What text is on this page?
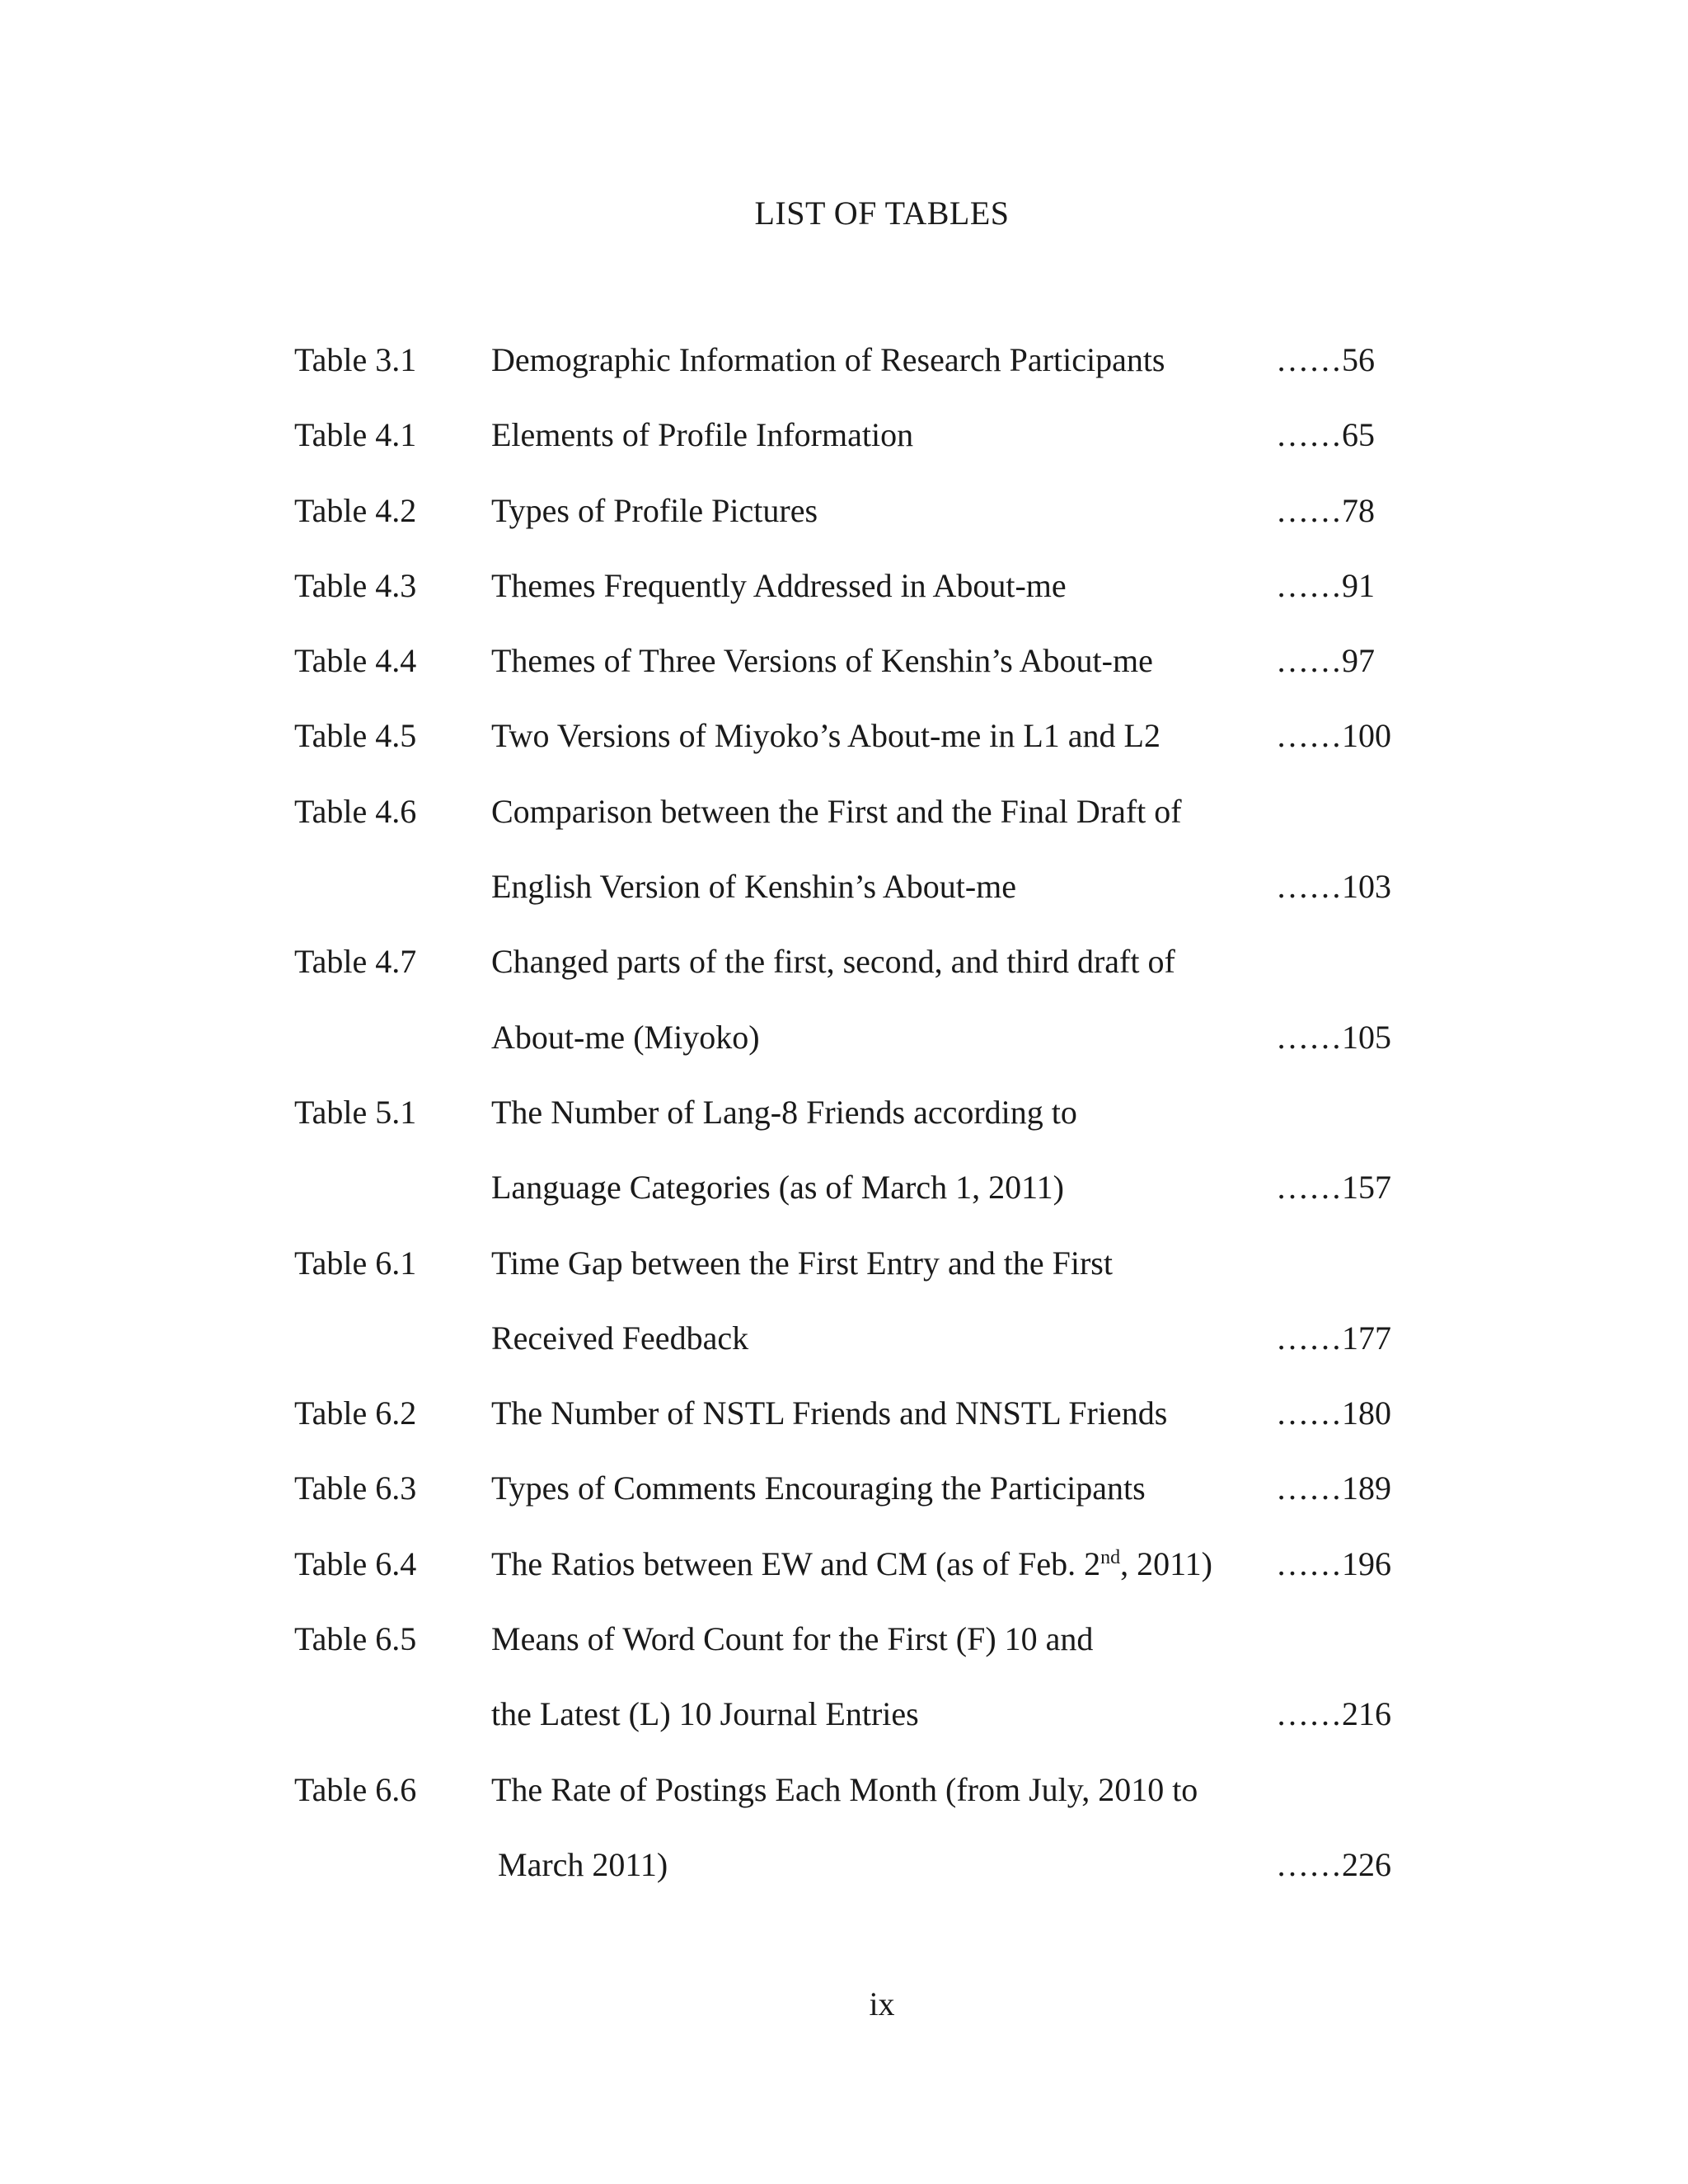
LIST OF TABLES
Table 3.1 Demographic Information of Research Participants	……56
Table 4.1 Elements of Profile Information	……65
Table 4.2 Types of Profile Pictures	……78
Table 4.3 Themes Frequently Addressed in About-me	……91
Table 4.4 Themes of Three Versions of Kenshin’s About-me	……97
Table 4.5 Two Versions of Miyoko’s About-me in L1 and L2	……100
Table 4.6 Comparison between the First and the Final Draft of
English Version of Kenshin’s About-me	……103
Table 4.7 Changed parts of the first, second, and third draft of
About-me (Miyoko)	……105
Table 5.1 The Number of Lang-8 Friends according to
Language Categories (as of March 1, 2011)	……157
Table 6.1 Time Gap between the First Entry and the First
Received Feedback	……177
Table 6.2 The Number of NSTL Friends and NNSTL Friends	……180
Table 6.3 Types of Comments Encouraging the Participants	……189
Table 6.4 The Ratios between EW and CM (as of Feb. 2nd, 2011) ……196
Table 6.5 Means of Word Count for the First (F) 10 and
the Latest (L) 10 Journal Entries	……216
Table 6.6 The Rate of Postings Each Month (from July, 2010 to
March 2011)	……226
ix
